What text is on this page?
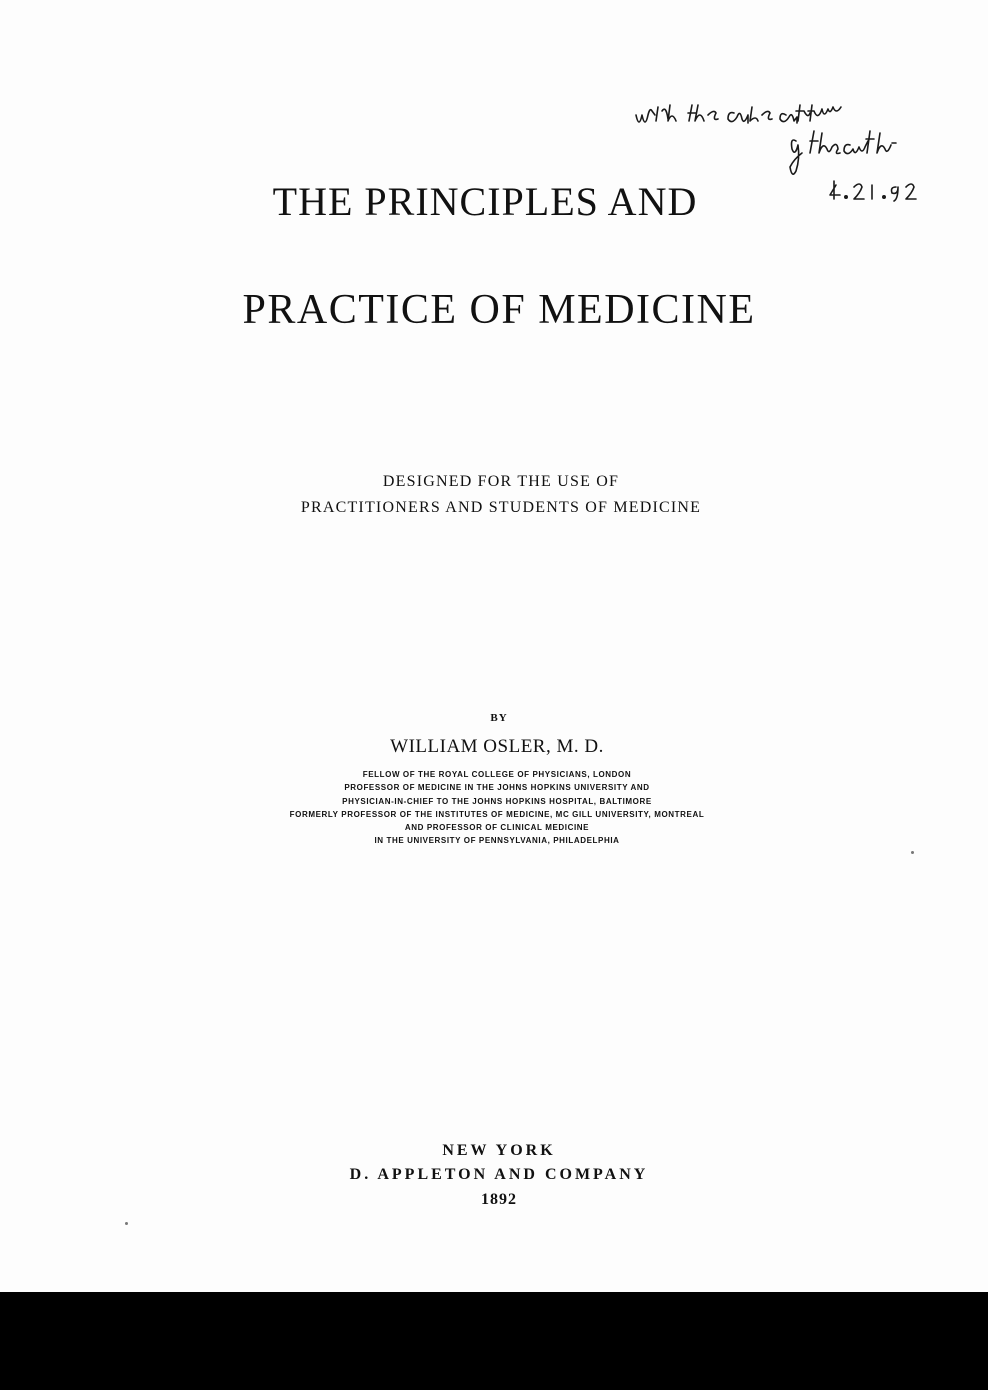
THE PRINCIPLES AND
PRACTICE OF MEDICINE
DESIGNED FOR THE USE OF
PRACTITIONERS AND STUDENTS OF MEDICINE
BY
WILLIAM OSLER, M. D.
FELLOW OF THE ROYAL COLLEGE OF PHYSICIANS, LONDON
PROFESSOR OF MEDICINE IN THE JOHNS HOPKINS UNIVERSITY AND
PHYSICIAN-IN-CHIEF TO THE JOHNS HOPKINS HOSPITAL, BALTIMORE
FORMERLY PROFESSOR OF THE INSTITUTES OF MEDICINE, MC GILL UNIVERSITY, MONTREAL
AND PROFESSOR OF CLINICAL MEDICINE
IN THE UNIVERSITY OF PENNSYLVANIA, PHILADELPHIA
NEW YORK
D. APPLETON AND COMPANY
1892
